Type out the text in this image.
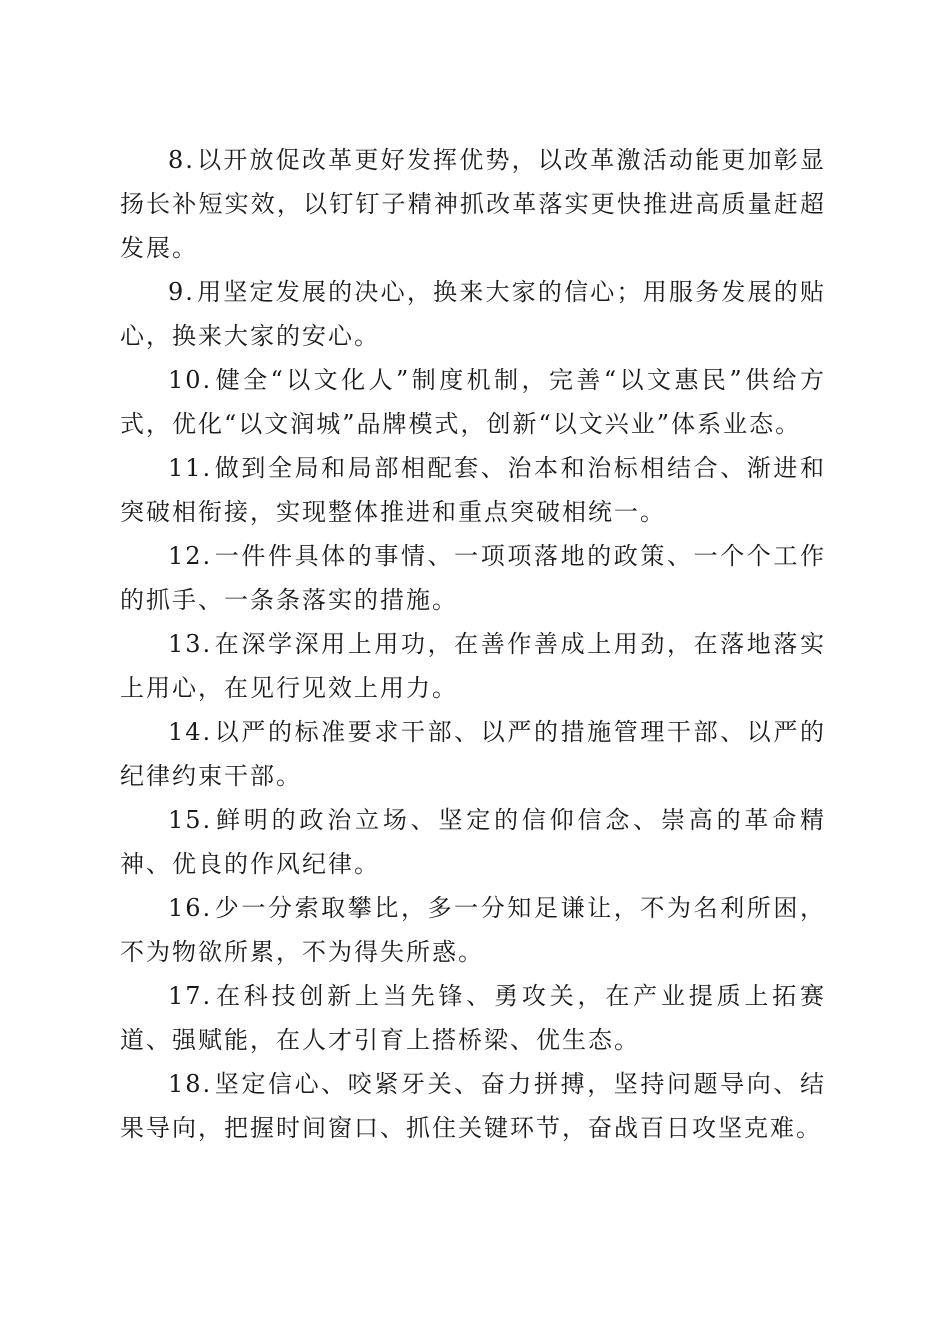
8.以开放促改革更好发挥优势，以改革激活动能更加彰显扬长补短实效，以钉钉子精神抓改革落实更快推进高质量赶超发展。

9.用坚定发展的决心，换来大家的信心；用服务发展的贴心，换来大家的安心。

10.健全“以文化人”制度机制，完善“以文惠民”供给方式，优化“以文润城”品牌模式，创新“以文兴业”体系业态。

11.做到全局和局部相配套、治本和治标相结合、渐进和突破相衔接，实现整体推进和重点突破相统一。

12.一件件具体的事情、一项项落地的政策、一个个工作的抓手、一条条落实的措施。

13.在深学深用上用功，在善作善成上用劲，在落地落实上用心，在见行见效上用力。

14.以严的标准要求干部、以严的措施管理干部、以严的纪律约束干部。

15.鲜明的政治立场、坚定的信仰信念、崇高的革命精神、优良的作风纪律。

16.少一分索取攀比，多一分知足谦让，不为名利所困，不为物欲所累，不为得失所惑。

17.在科技创新上当先锋、勇攻关，在产业提质上拓赛道、强赋能，在人才引育上搭桥梁、优生态。

18.坚定信心、咬紧牙关、奋力拼搏，坚持问题导向、结果导向，把握时间窗口、抓住关键环节，奋战百日攻坚克难。
